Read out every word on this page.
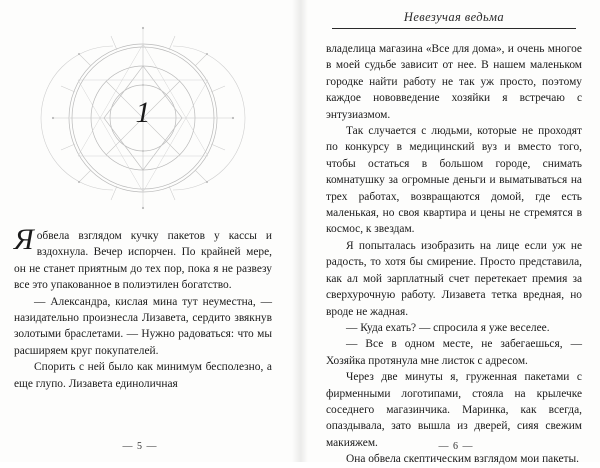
1

Я обвела взглядом кучку пакетов у кассы и вздохнула. Вечер испорчен. По крайней мере, он не станет приятным до тех пор, пока я не развезу все это упакованное в полиэтилен богатство.

— Александра, кислая мина тут неуместна, — назидательно произнесла Лизавета, сердито звякнув золотыми браслетами. — Нужно радоваться: что мы расширяем круг покупателей.

Спорить с ней было как минимум бесполезно, а еще глупо. Лизавета единоличная

— 5 —
Невезучая ведьма

владелица магазина «Все для дома», и очень многое в моей судьбе зависит от нее. В нашем маленьком городке найти работу не так уж просто, поэтому каждое нововведение хозяйки я встречаю с энтузиазмом.

Так случается с людьми, которые не проходят по конкурсу в медицинский вуз и вместо того, чтобы остаться в большом городе, снимать комнатушку за огромные деньги и выматываться на трех работах, возвращаются домой, где есть маленькая, но своя квартира и цены не стремятся в космос, к звездам.

Я попыталась изобразить на лице если уж не радость, то хотя бы смирение. Просто представила, как ал мой зарплатный счет перетекает премия за сверхурочную работу. Лизавета тетка вредная, но вроде не жадная.

— Куда ехать? — спросила я уже веселее.

— Все в одном месте, не забегаешься, — Хозяйка протянула мне листок с адресом.

Через две минуты я, груженная пакетами с фирменными логотипами, стояла на крылечке соседнего магазинчика. Маринка, как всегда, опаздывала, зато вышла из дверей, сияя свежим макияжем.

Она обвела скептическим взглядом мои пакеты.

— 6 —
